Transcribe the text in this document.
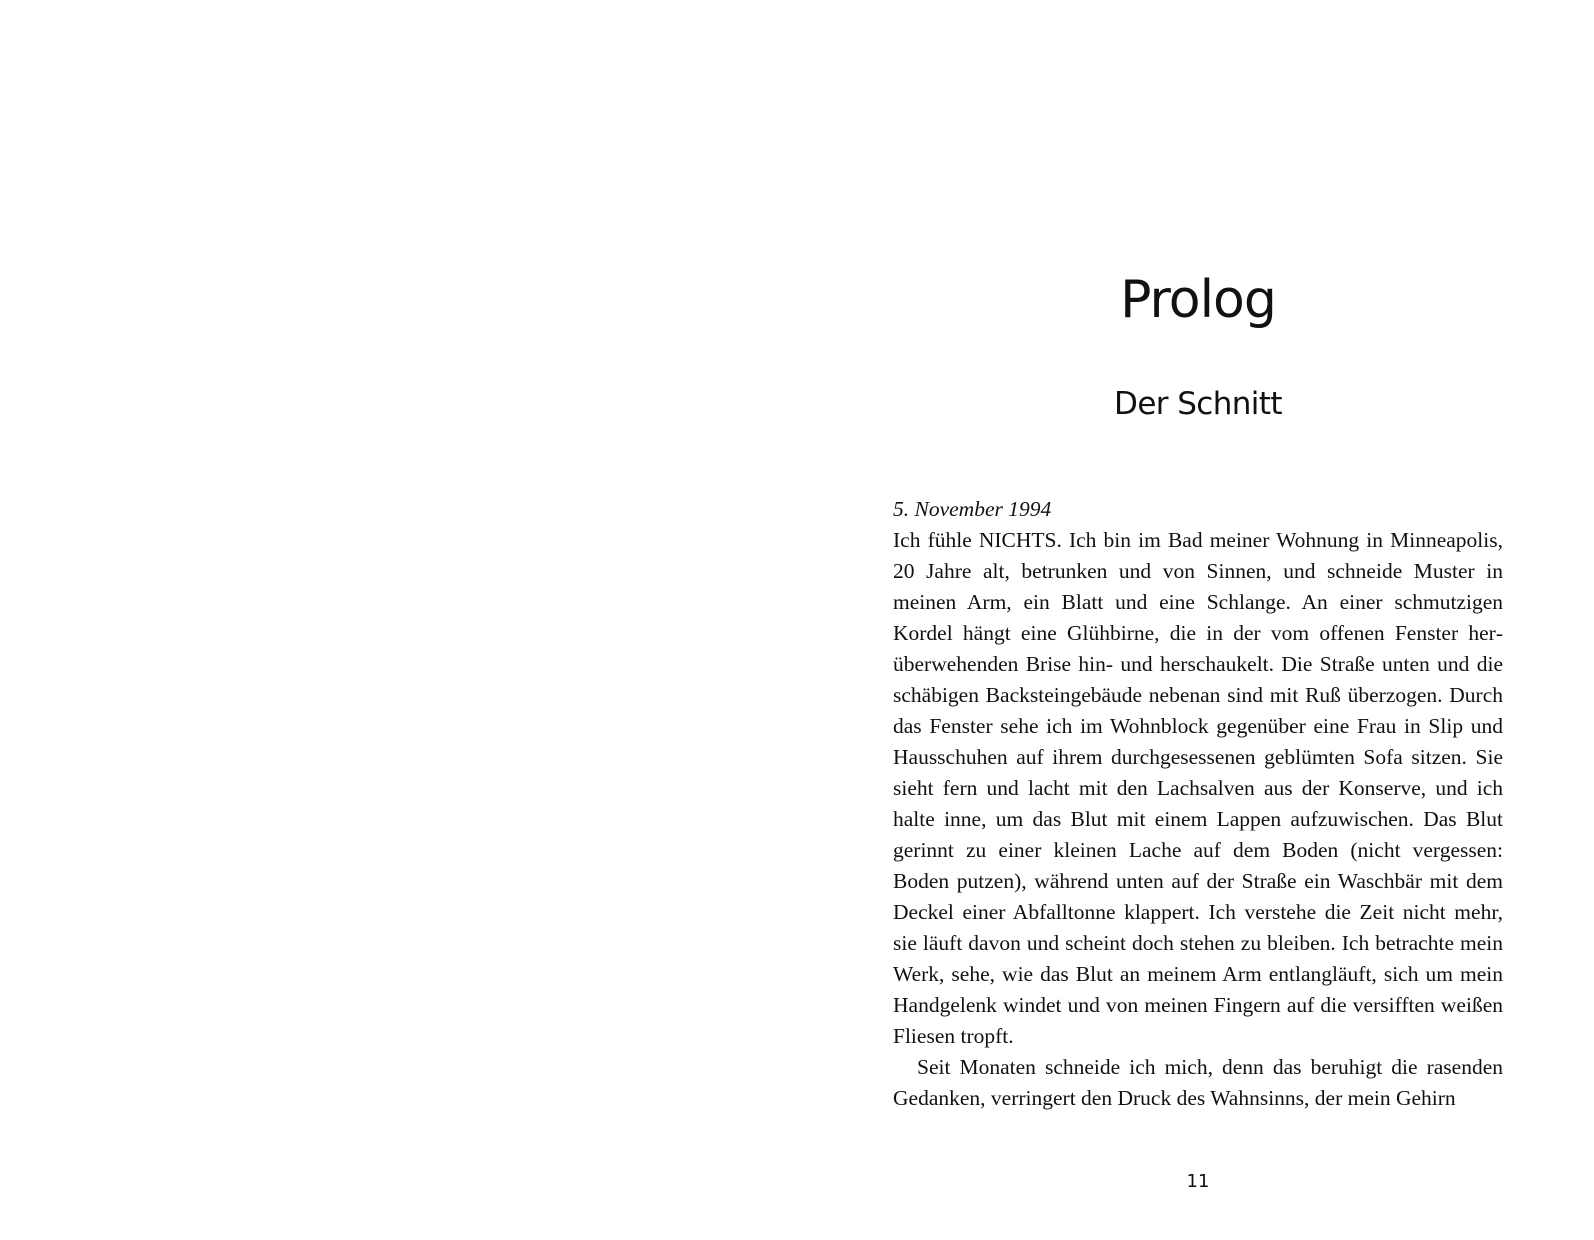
Prolog
Der Schnitt

5. November 1994

Ich fühle NICHTS. Ich bin im Bad meiner Wohnung in Minneapolis, 20 Jahre alt, betrunken und von Sinnen, und schneide Muster in meinen Arm, ein Blatt und eine Schlange. An einer schmutzigen Kordel hängt eine Glühbirne, die in der vom offenen Fenster herüberwehenden Brise hin- und herschaukelt. Die Straße unten und die schäbigen Backsteingebäude nebenan sind mit Ruß überzogen. Durch das Fenster sehe ich im Wohnblock gegenüber eine Frau in Slip und Hausschuhen auf ihrem durchgesessenen geblümten Sofa sitzen. Sie sieht fern und lacht mit den Lachsalven aus der Konserve, und ich halte inne, um das Blut mit einem Lappen aufzuwischen. Das Blut gerinnt zu einer kleinen Lache auf dem Boden (nicht vergessen: Boden putzen), während unten auf der Straße ein Waschbär mit dem Deckel einer Abfalltonne klappert. Ich verstehe die Zeit nicht mehr, sie läuft davon und scheint doch stehen zu bleiben. Ich betrachte mein Werk, sehe, wie das Blut an meinem Arm entlangläuft, sich um mein Handgelenk windet und von meinen Fingern auf die versifften weißen Fliesen tropft.

Seit Monaten schneide ich mich, denn das beruhigt die rasenden Gedanken, verringert den Druck des Wahnsinns, der mein Gehirn

11
